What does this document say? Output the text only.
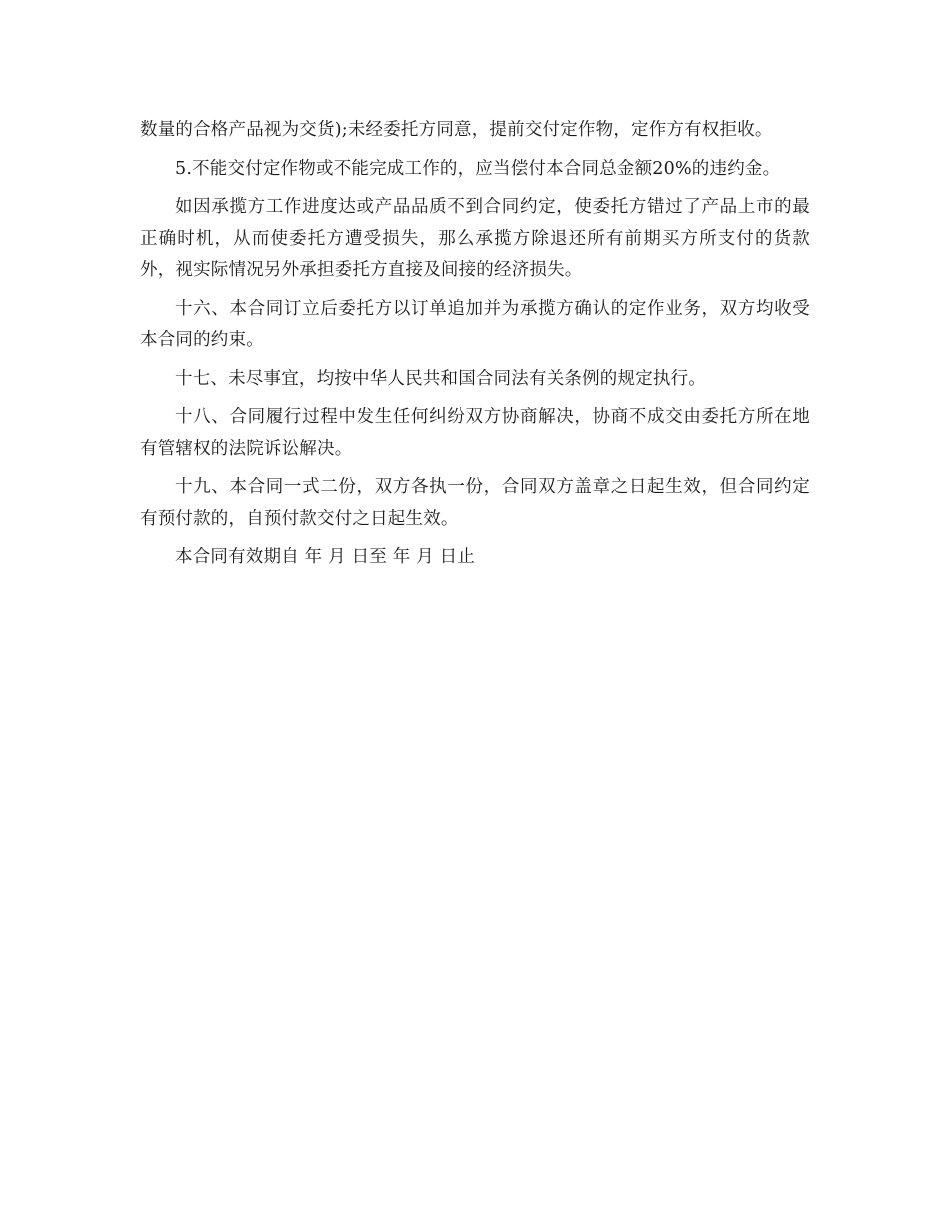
数量的合格产品视为交货);未经委托方同意，提前交付定作物，定作方有权拒收。

5.不能交付定作物或不能完成工作的，应当偿付本合同总金额20%的违约金。

如因承揽方工作进度达或产品品质不到合同约定，使委托方错过了产品上市的最正确时机，从而使委托方遭受损失，那么承揽方除退还所有前期买方所支付的货款外，视实际情况另外承担委托方直接及间接的经济损失。

十六、本合同订立后委托方以订单追加并为承揽方确认的定作业务，双方均收受本合同的约束。

十七、未尽事宜，均按中华人民共和国合同法有关条例的规定执行。

十八、合同履行过程中发生任何纠纷双方协商解决，协商不成交由委托方所在地有管辖权的法院诉讼解决。

十九、本合同一式二份，双方各执一份，合同双方盖章之日起生效，但合同约定有预付款的，自预付款交付之日起生效。

本合同有效期自 年 月 日至 年 月 日止
